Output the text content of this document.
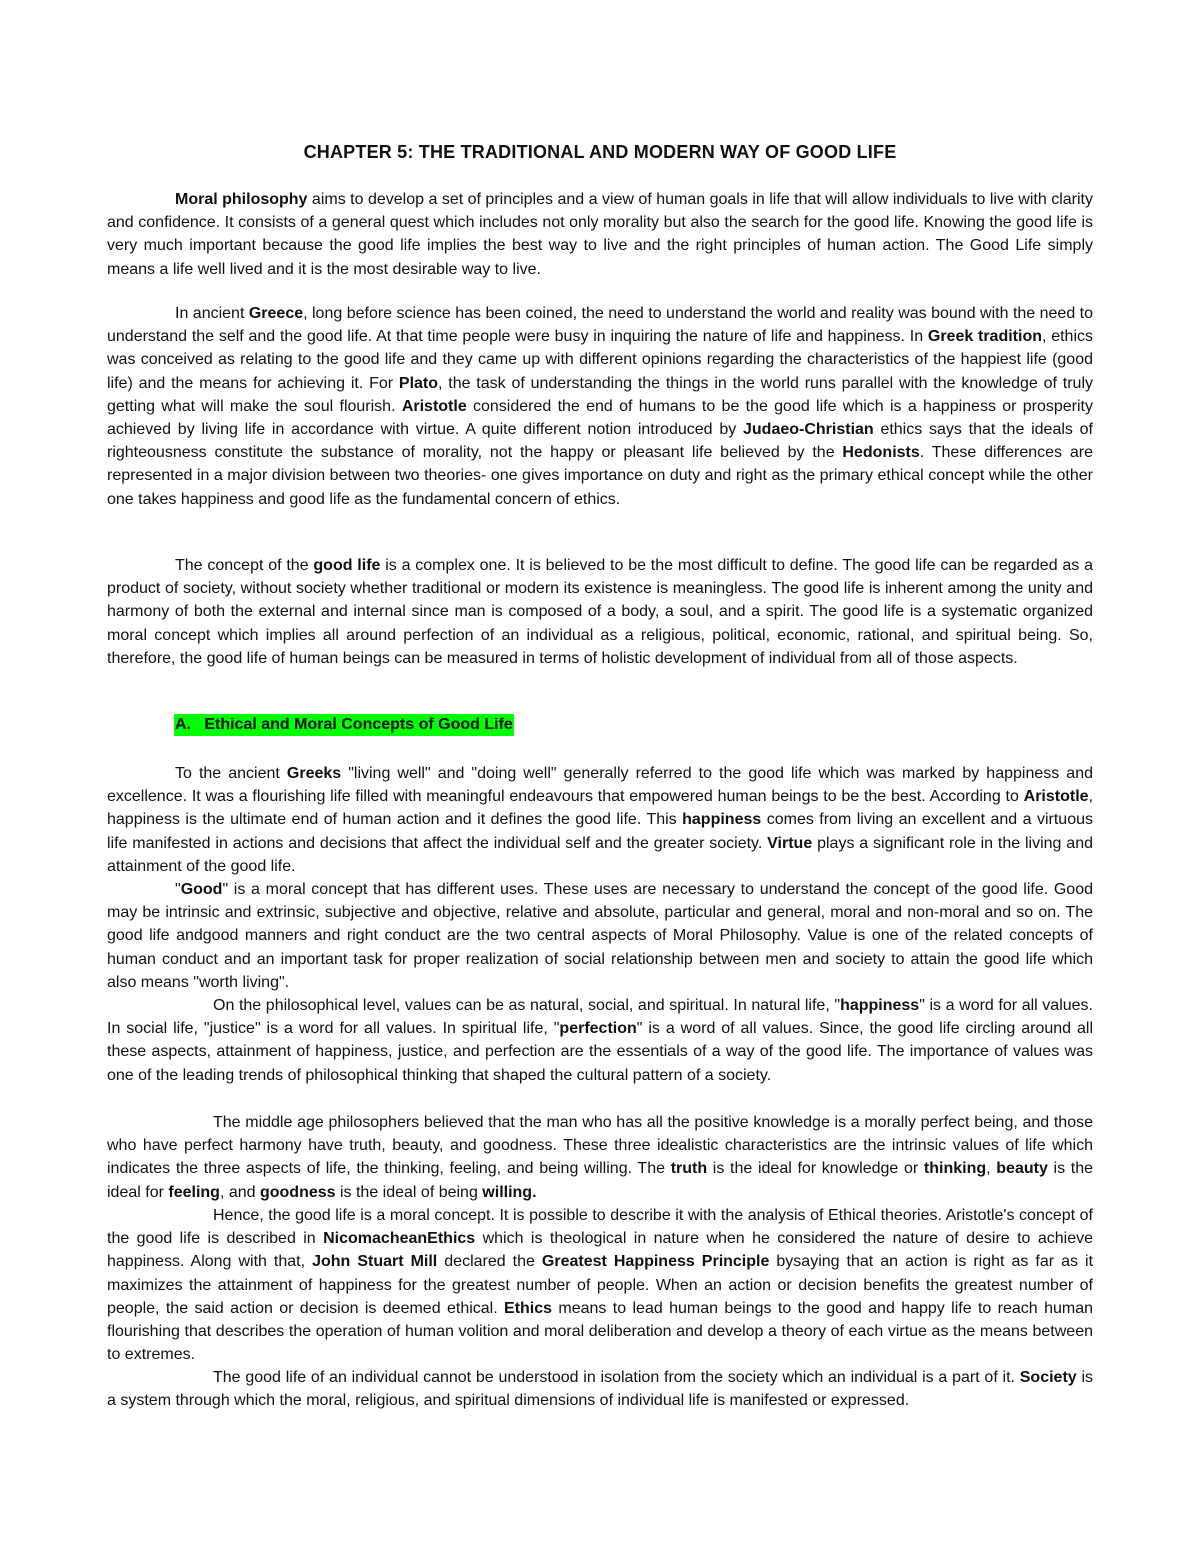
CHAPTER 5: THE TRADITIONAL AND MODERN WAY OF GOOD LIFE

Moral philosophy aims to develop a set of principles and a view of human goals in life that will allow individuals to live with clarity and confidence. It consists of a general quest which includes not only morality but also the search for the good life. Knowing the good life is very much important because the good life implies the best way to live and the right principles of human action. The Good Life simply means a life well lived and it is the most desirable way to live.

In ancient Greece, long before science has been coined, the need to understand the world and reality was bound with the need to understand the self and the good life. At that time people were busy in inquiring the nature of life and happiness. In Greek tradition, ethics was conceived as relating to the good life and they came up with different opinions regarding the characteristics of the happiest life (good life) and the means for achieving it. For Plato, the task of understanding the things in the world runs parallel with the knowledge of truly getting what will make the soul flourish. Aristotle considered the end of humans to be the good life which is a happiness or prosperity achieved by living life in accordance with virtue. A quite different notion introduced by Judaeo-Christian ethics says that the ideals of righteousness constitute the substance of morality, not the happy or pleasant life believed by the Hedonists. These differences are represented in a major division between two theories- one gives importance on duty and right as the primary ethical concept while the other one takes happiness and good life as the fundamental concern of ethics.

The concept of the good life is a complex one. It is believed to be the most difficult to define. The good life can be regarded as a product of society, without society whether traditional or modern its existence is meaningless. The good life is inherent among the unity and harmony of both the external and internal since man is composed of a body, a soul, and a spirit. The good life is a systematic organized moral concept which implies all around perfection of an individual as a religious, political, economic, rational, and spiritual being. So, therefore, the good life of human beings can be measured in terms of holistic development of individual from all of those aspects.

A.   Ethical and Moral Concepts of Good Life

To the ancient Greeks "living well" and "doing well" generally referred to the good life which was marked by happiness and excellence. It was a flourishing life filled with meaningful endeavours that empowered human beings to be the best. According to Aristotle, happiness is the ultimate end of human action and it defines the good life. This happiness comes from living an excellent and a virtuous life manifested in actions and decisions that affect the individual self and the greater society. Virtue plays a significant role in the living and attainment of the good life.

"Good" is a moral concept that has different uses. These uses are necessary to understand the concept of the good life. Good may be intrinsic and extrinsic, subjective and objective, relative and absolute, particular and general, moral and non-moral and so on. The good life andgood manners and right conduct are the two central aspects of Moral Philosophy. Value is one of the related concepts of human conduct and an important task for proper realization of social relationship between men and society to attain the good life which also means "worth living".

On the philosophical level, values can be as natural, social, and spiritual. In natural life, "happiness" is a word for all values. In social life, "justice" is a word for all values. In spiritual life, "perfection" is a word of all values. Since, the good life circling around all these aspects, attainment of happiness, justice, and perfection are the essentials of a way of the good life. The importance of values was one of the leading trends of philosophical thinking that shaped the cultural pattern of a society.

The middle age philosophers believed that the man who has all the positive knowledge is a morally perfect being, and those who have perfect harmony have truth, beauty, and goodness. These three idealistic characteristics are the intrinsic values of life which indicates the three aspects of life, the thinking, feeling, and being willing. The truth is the ideal for knowledge or thinking, beauty is the ideal for feeling, and goodness is the ideal of being willing.

Hence, the good life is a moral concept. It is possible to describe it with the analysis of Ethical theories. Aristotle's concept of the good life is described in NicomacheanEthics which is theological in nature when he considered the nature of desire to achieve happiness. Along with that, John Stuart Mill declared the Greatest Happiness Principle bysaying that an action is right as far as it maximizes the attainment of happiness for the greatest number of people. When an action or decision benefits the greatest number of people, the said action or decision is deemed ethical. Ethics means to lead human beings to the good and happy life to reach human flourishing that describes the operation of human volition and moral deliberation and develop a theory of each virtue as the means between to extremes.

The good life of an individual cannot be understood in isolation from the society which an individual is a part of it. Society is a system through which the moral, religious, and spiritual dimensions of individual life is manifested or expressed.
